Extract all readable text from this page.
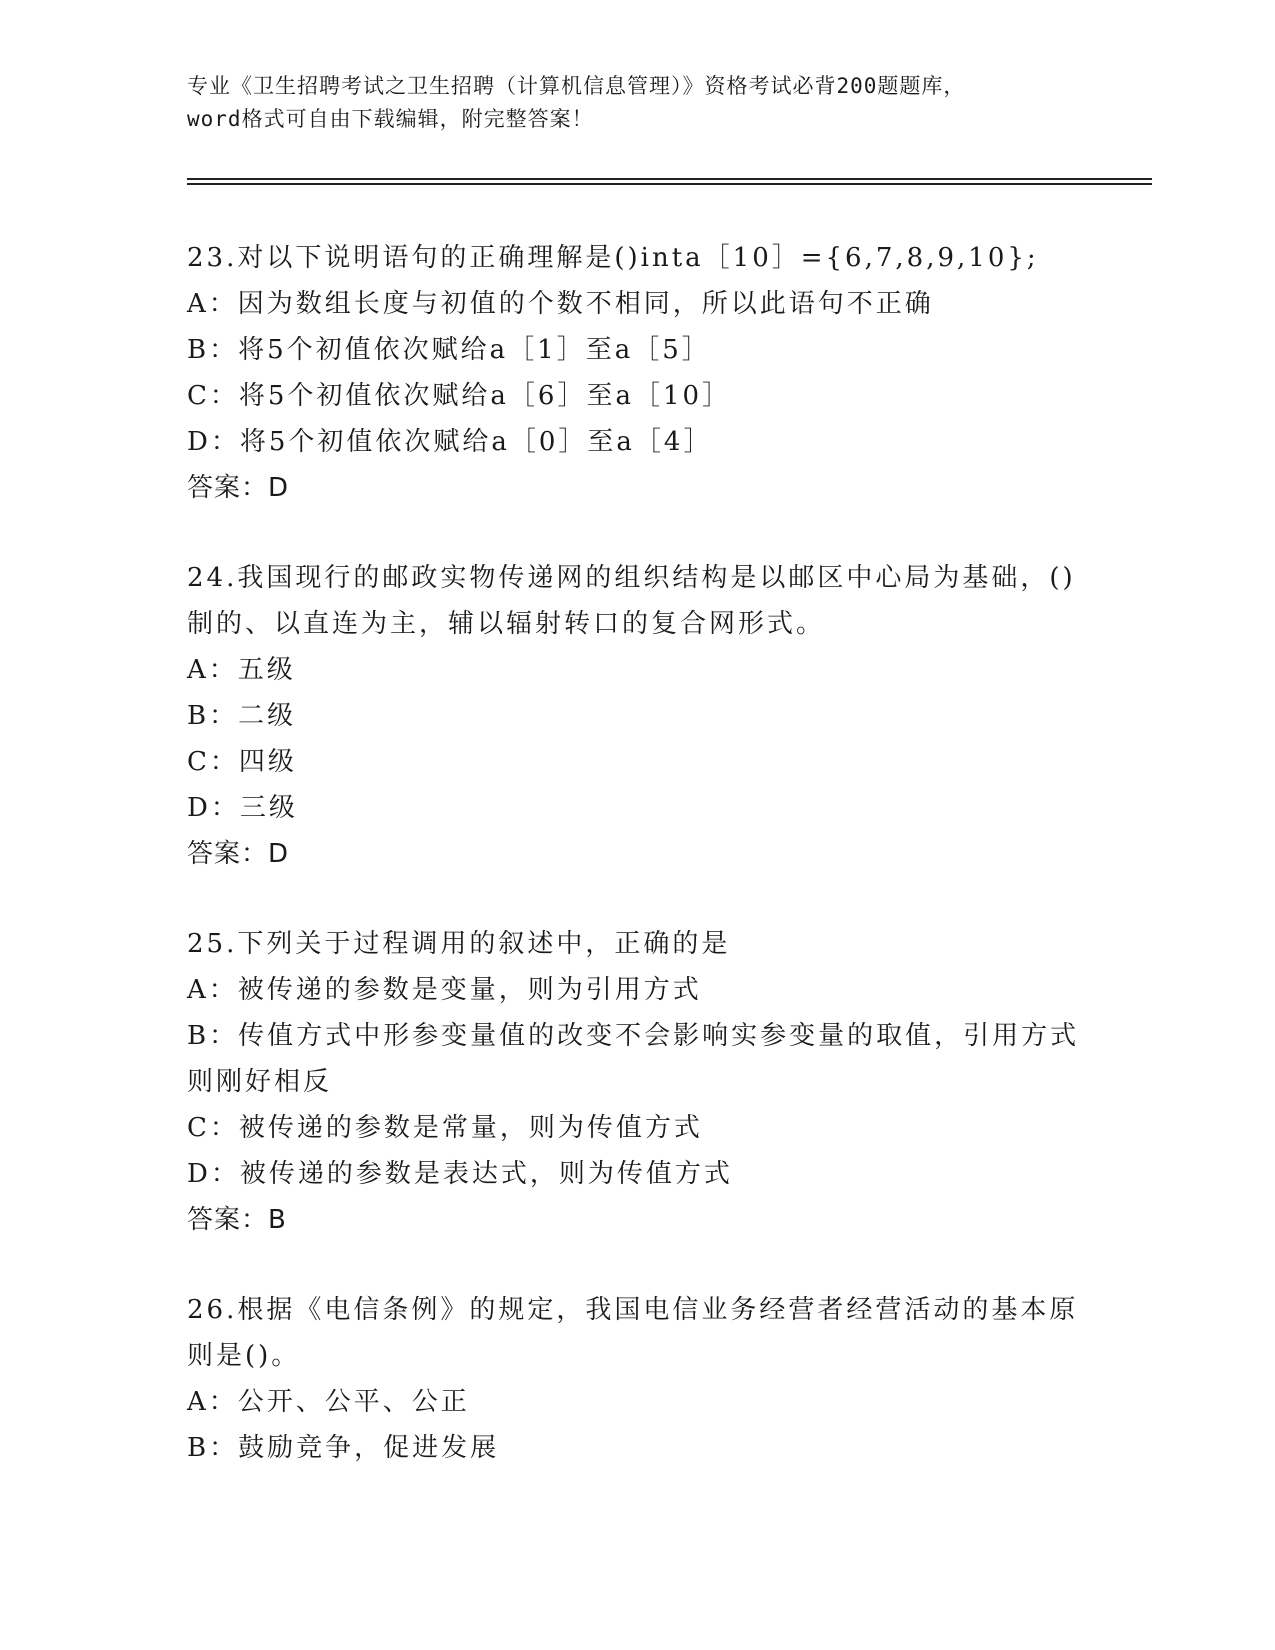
专业《卫生招聘考试之卫生招聘（计算机信息管理）》资格考试必背200题题库，
word格式可自由下载编辑，附完整答案！
23.对以下说明语句的正确理解是()inta［10］={6,7,8,9,10};
A：因为数组长度与初值的个数不相同，所以此语句不正确
B：将5个初值依次赋给a［1］至a［5］
C：将5个初值依次赋给a［6］至a［10］
D：将5个初值依次赋给a［0］至a［4］
答案：D
24.我国现行的邮政实物传递网的组织结构是以邮区中心局为基础，()
制的、以直连为主，辅以辐射转口的复合网形式。
A：五级
B：二级
C：四级
D：三级
答案：D
25.下列关于过程调用的叙述中，正确的是
A：被传递的参数是变量，则为引用方式
B：传值方式中形参变量值的改变不会影响实参变量的取值，引用方式
则刚好相反
C：被传递的参数是常量，则为传值方式
D：被传递的参数是表达式，则为传值方式
答案：B
26.根据《电信条例》的规定，我国电信业务经营者经营活动的基本原
则是()。
A：公开、公平、公正
B：鼓励竞争，促进发展
